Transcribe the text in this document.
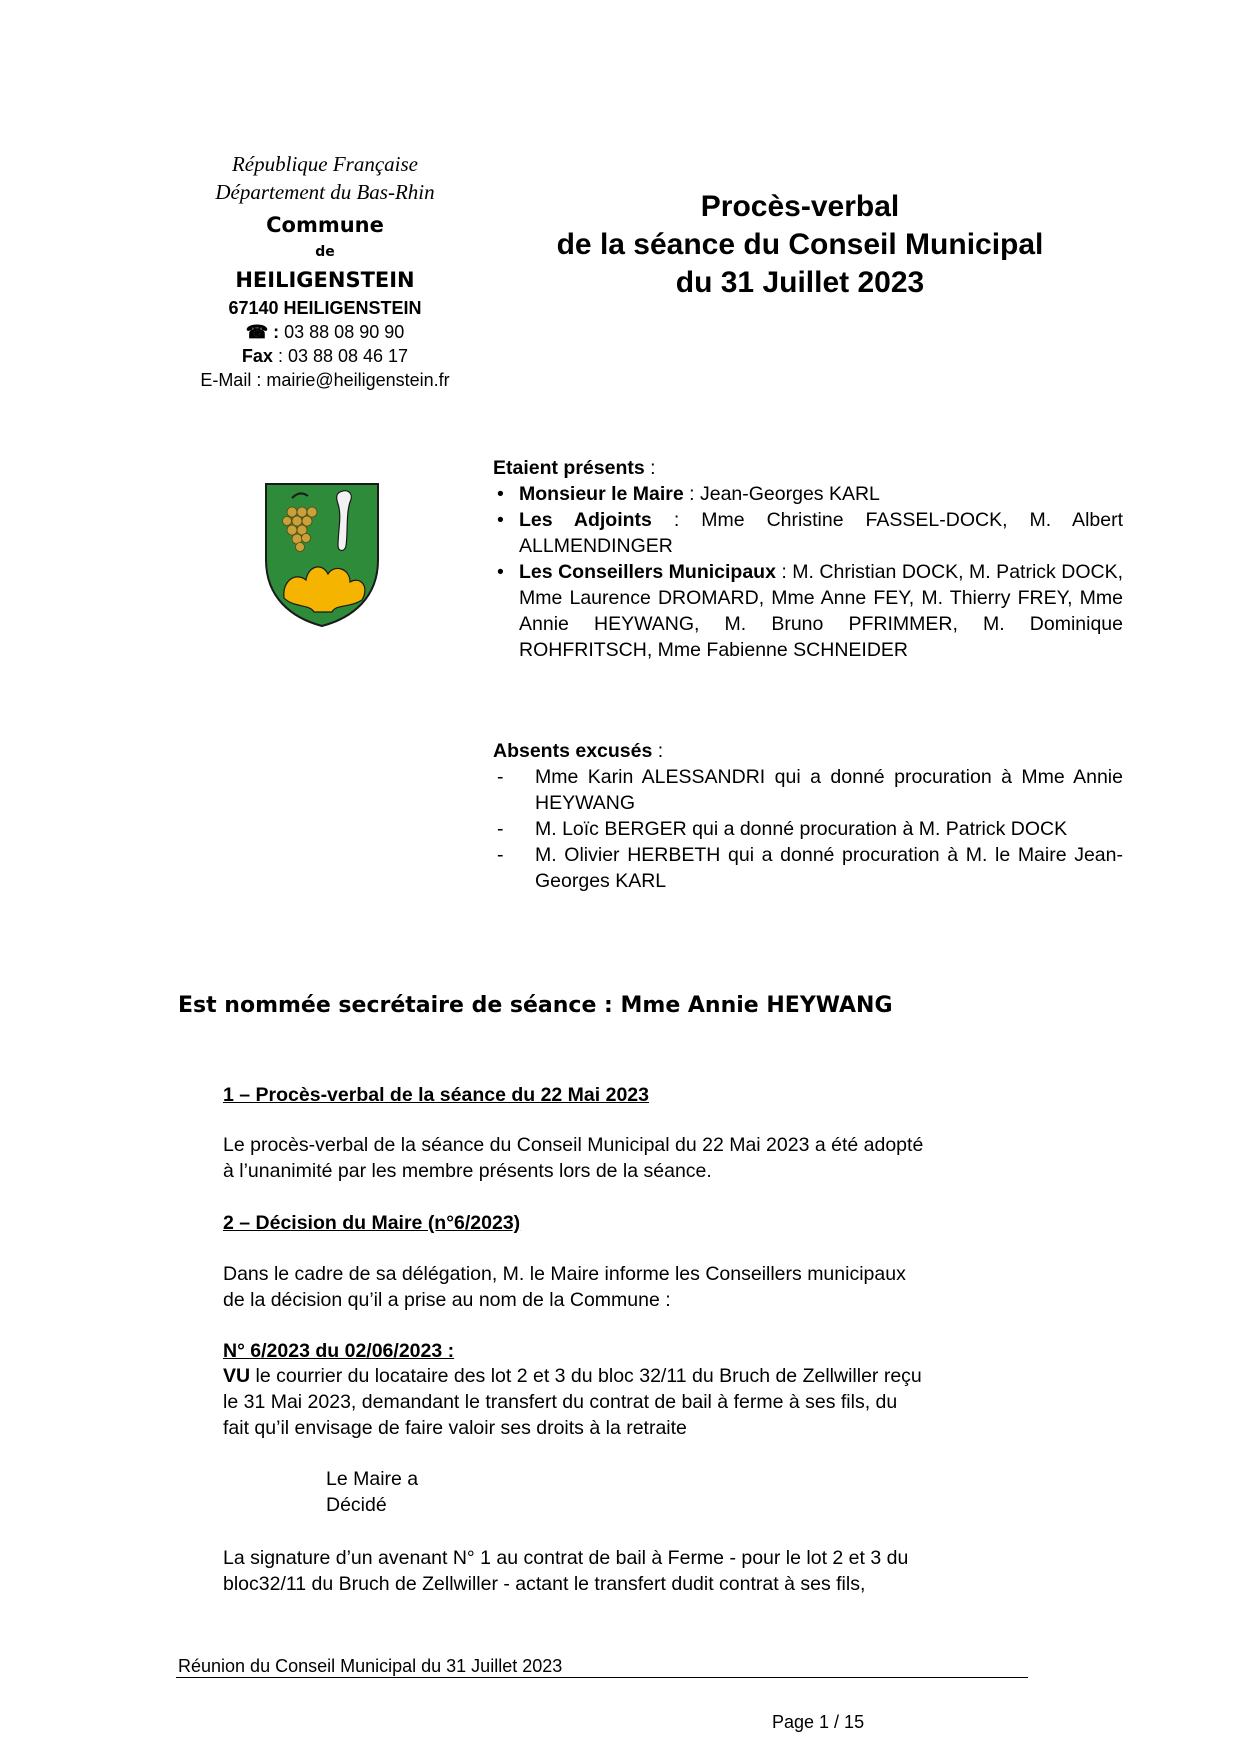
République Française
Département du Bas-Rhin
Commune
de
HEILIGENSTEIN
67140 HEILIGENSTEIN
☎ : 03 88 08 90 90
Fax : 03 88 08 46 17
E-Mail : mairie@heiligenstein.fr
Procès-verbal
de la séance du Conseil Municipal
du 31 Juillet 2023
Etaient présents :
• Monsieur le Maire : Jean-Georges KARL
• Les Adjoints : Mme Christine FASSEL-DOCK, M. Albert ALLMENDINGER
• Les Conseillers Municipaux : M. Christian DOCK, M. Patrick DOCK, Mme Laurence DROMARD, Mme Anne FEY, M. Thierry FREY, Mme Annie HEYWANG, M. Bruno PFRIMMER, M. Dominique ROHFRITSCH, Mme Fabienne SCHNEIDER
Absents excusés :
- Mme Karin ALESSANDRI qui a donné procuration à Mme Annie HEYWANG
- M. Loïc BERGER qui a donné procuration à M. Patrick DOCK
- M. Olivier HERBETH qui a donné procuration à M. le Maire Jean-Georges KARL
Est nommée secrétaire de séance : Mme Annie HEYWANG
1 – Procès-verbal de la séance du 22 Mai 2023
Le procès-verbal de la séance du Conseil Municipal du 22 Mai 2023 a été adopté
à l’unanimité par les membre présents lors de la séance.
2 – Décision du Maire (n°6/2023)
Dans le cadre de sa délégation, M. le Maire informe les Conseillers municipaux
de la décision qu’il a prise au nom de la Commune :
N° 6/2023 du 02/06/2023 :
VU le courrier du locataire des lot 2 et 3 du bloc 32/11 du Bruch de Zellwiller reçu
le 31 Mai 2023, demandant le transfert du contrat de bail à ferme à ses fils, du
fait qu’il envisage de faire valoir ses droits à la retraite
Le Maire a
Décidé
La signature d’un avenant N° 1 au contrat de bail à Ferme - pour le lot 2 et 3 du
bloc32/11 du Bruch de Zellwiller - actant le transfert dudit contrat à ses fils,
Réunion du Conseil Municipal du 31 Juillet 2023
Page 1 / 15
